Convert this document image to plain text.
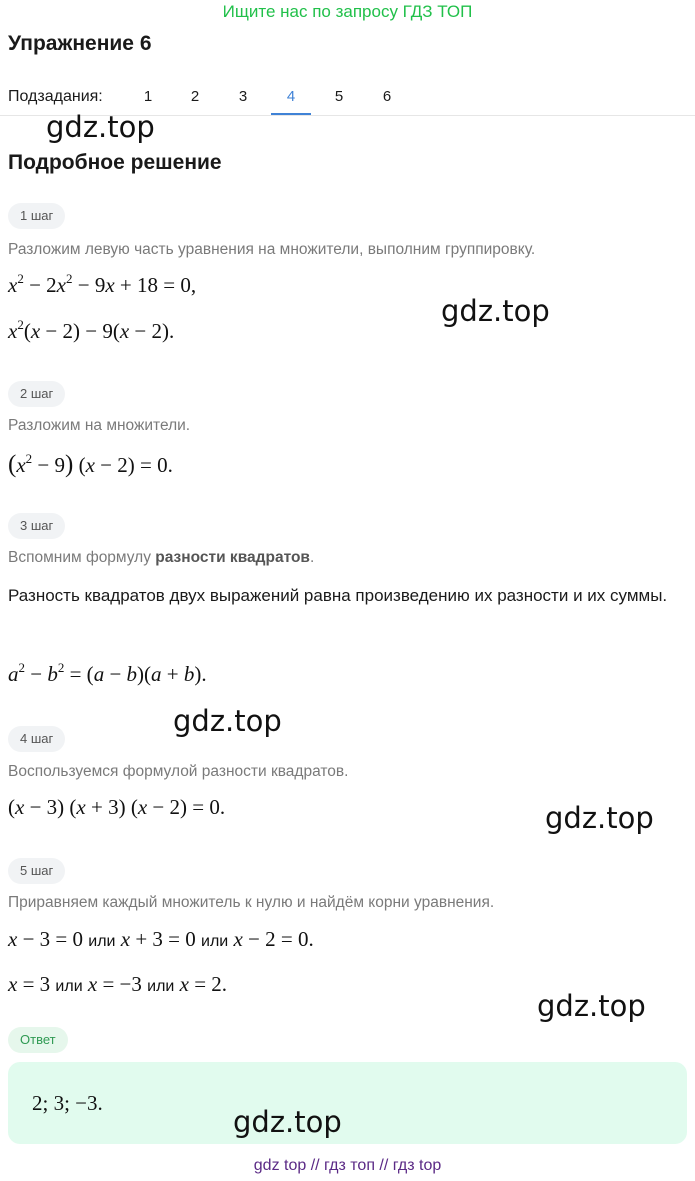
Ищите нас по запросу ГДЗ ТОП
Упражнение 6
Подзадания:	1	2	3	4	5	6
gdz.top
Подробное решение
1 шаг
Разложим левую часть уравнения на множители, выполним группировку.
$x^2 - 2x^2 - 9x + 18 = 0$,
gdz.top
$x^2(x - 2) - 9(x - 2)$.
2 шаг
Разложим на множители.
$(x^2 - 9) (x - 2) = 0$.
3 шаг
Вспомним формулу разности квадратов.
Разность квадратов двух выражений равна произведению их разности и их суммы.
$a^2 - b^2 = (a - b)(a + b)$.
gdz.top
4 шаг
Воспользуемся формулой разности квадратов.
(x − 3) (x + 3) (x − 2) = 0.	gdz.top
5 шаг
Приравняем каждый множитель к нулю и найдём корни уравнения.
x − 3 = 0 или x + 3 = 0 или x − 2 = 0.
x = 3 или x = −3 или x = 2.
gdz.top
Ответ
2; 3; −3.
gdz.top
gdz top // гдз топ // гдз top
